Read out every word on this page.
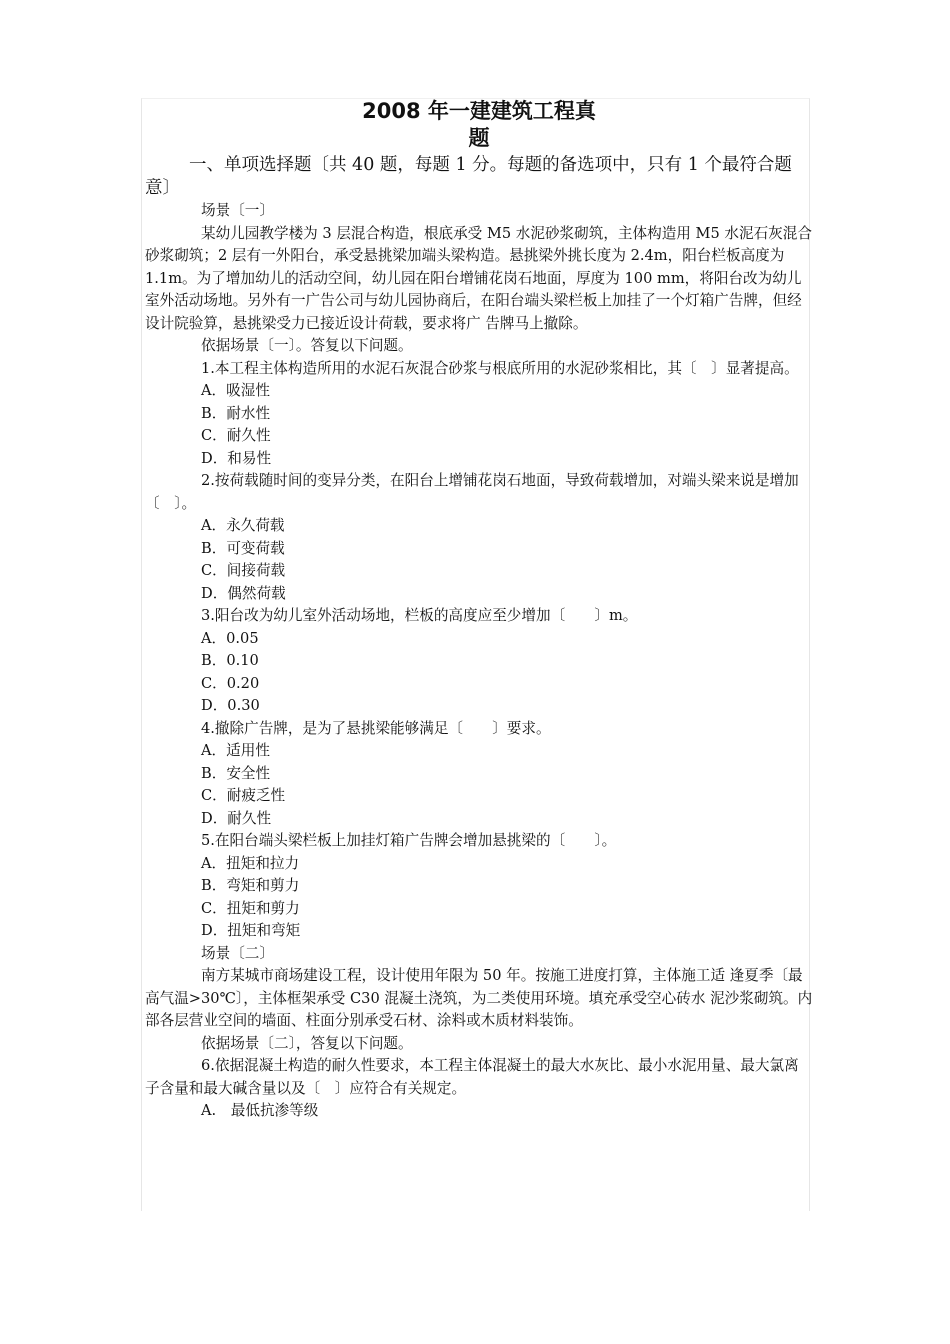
2008 年一建建筑工程真
题

一、单项选择题〔共 40 题，每题 1 分。每题的备选项中，只有 1 个最符合题意〕

场景〔一〕

某幼儿园教学楼为 3 层混合构造，根底承受 M5 水泥砂浆砌筑，主体构造用 M5 水泥石灰混合砂浆砌筑；2 层有一外阳台，承受悬挑梁加端头梁构造。悬挑梁外挑长度为 2.4m，阳台栏板高度为 1.1m。为了增加幼儿的活动空间，幼儿园在阳台增铺花岗石地面，厚度为 100 mm，将阳台改为幼儿室外活动场地。另外有一广告公司与幼儿园协商后，在阳台端头梁栏板上加挂了一个灯箱广告牌，但经设计院验算，悬挑梁受力已接近设计荷载，要求将广 告牌马上撤除。

依据场景〔一〕。答复以下问题。

1.本工程主体构造所用的水泥石灰混合砂浆与根底所用的水泥砂浆相比，其〔　〕显著提高。

A．吸湿性

B．耐水性

C．耐久性

D．和易性

2.按荷载随时间的变异分类，在阳台上增铺花岗石地面，导致荷载增加，对端头梁来说是增加〔　〕。

A．永久荷载

B．可变荷载

C．间接荷载

D．偶然荷载

3.阳台改为幼儿室外活动场地，栏板的高度应至少增加〔　　〕m。

A．0.05

B．0.10

C．0.20

D．0.30

4.撤除广告牌，是为了悬挑梁能够满足〔　　〕要求。

A．适用性

B．安全性

C．耐疲乏性

D．耐久性

5.在阳台端头梁栏板上加挂灯箱广告牌会增加悬挑梁的〔　　〕。

A．扭矩和拉力

B．弯矩和剪力

C．扭矩和剪力

D．扭矩和弯矩

场景〔二〕

南方某城市商场建设工程，设计使用年限为 50 年。按施工进度打算，主体施工适 逢夏季〔最高气温>30℃〕，主体框架承受 C30 混凝土浇筑，为二类使用环境。填充承受空心砖水 泥沙浆砌筑。内部各层营业空间的墙面、柱面分别承受石材、涂料或木质材料装饰。

依据场景〔二〕，答复以下问题。

6.依据混凝土构造的耐久性要求，本工程主体混凝土的最大水灰比、最小水泥用量、最大氯离 子含量和最大碱含量以及〔　〕应符合有关规定。

A.　最低抗渗等级
